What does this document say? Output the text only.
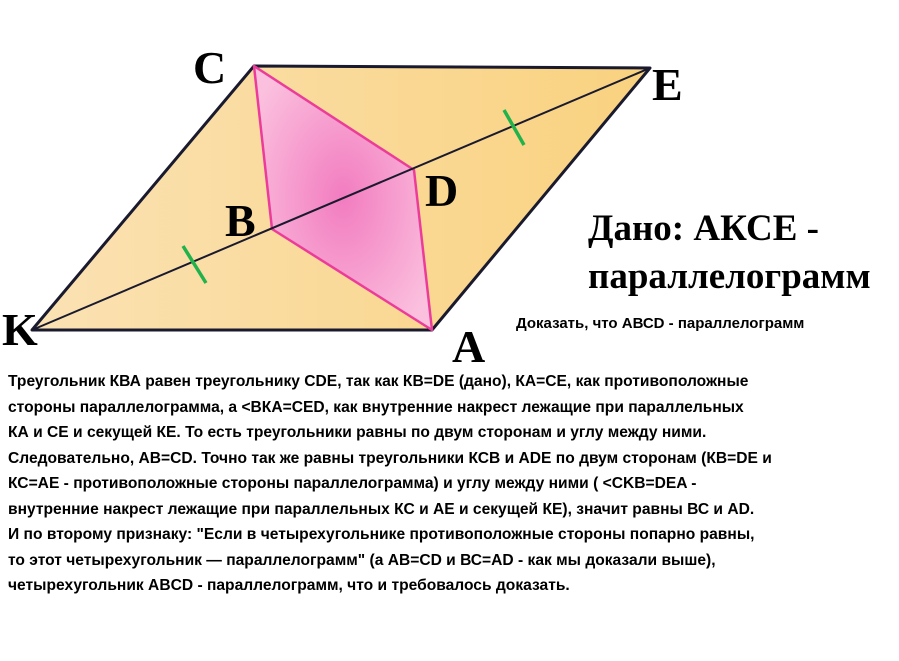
C	E
D
B
K	A
Дано: АКСЕ -
параллелограмм
Доказать, что АВСD - параллелограмм
Треугольник КВА равен треугольнику CDE, так как КВ=DЕ (дано), КА=СЕ, как противоположные
стороны параллелограмма, а <BКA=CED, как внутренние накрест лежащие при параллельных
КА и СЕ и секущей КЕ. То есть треугольники равны по двум сторонам и углу между ними.
Следовательно, АВ=CD. Точно так же равны треугольники КСВ и АDЕ по двум сторонам (КВ=DЕ и
КС=АЕ - противоположные стороны параллелограмма) и углу между ними ( <CKB=DEA -
внутренние накрест лежащие при параллельных КС и АЕ и секущей КЕ), значит равны ВС и АD.
И по второму признаку: "Если в четырехугольнике противоположные стороны попарно равны,
то этот четырехугольник — параллелограмм" (а АВ=CD и ВС=AD - как мы доказали выше),
четырехугольник ABCD - параллелограмм, что и требовалось доказать.
